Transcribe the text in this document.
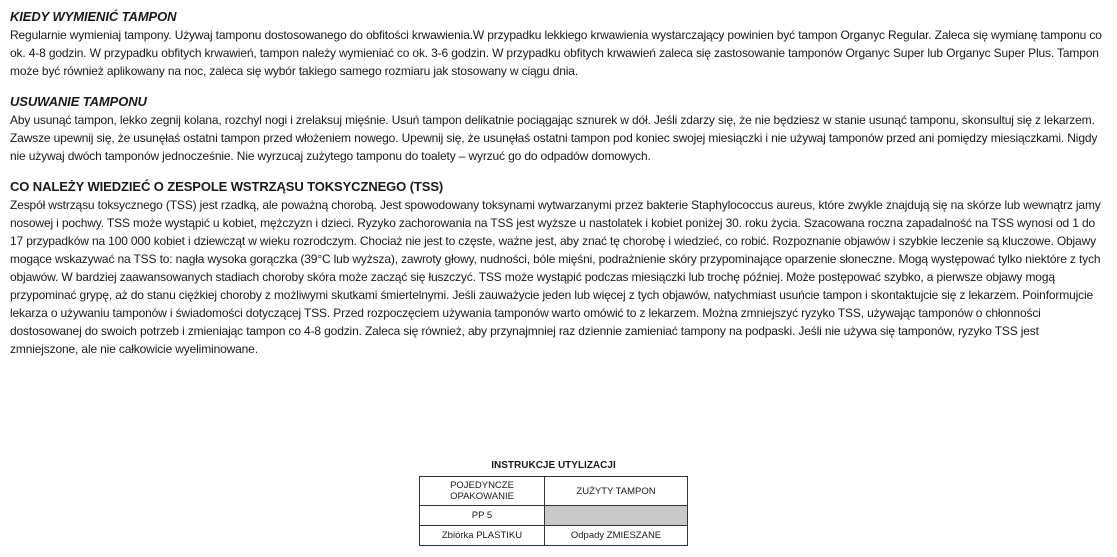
KIEDY WYMIENIĆ TAMPON

Regularnie wymieniaj tampony. Używaj tamponu dostosowanego do obfitości krwawienia.W przypadku lekkiego krwawienia wystarczający powinien być tampon Organyc Regular. Zaleca się wymianę tamponu co ok. 4-8 godzin. W przypadku obfitych krwawień, tampon należy wymieniać co ok. 3-6 godzin. W przypadku obfitych krwawień zaleca się zastosowanie tamponów Organyc Super lub Organyc Super Plus. Tampon może być również aplikowany na noc, zaleca się wybór takiego samego rozmiaru jak stosowany w ciągu dnia.

USUWANIE TAMPONU

Aby usunąć tampon, lekko zegnij kolana, rozchyl nogi i zrelaksuj mięśnie. Usuń tampon delikatnie pociągając sznurek w dół. Jeśli zdarzy się, że nie będziesz w stanie usunąć tamponu, skonsultuj się z lekarzem.

Zawsze upewnij się, że usunęłaś ostatni tampon przed włożeniem nowego. Upewnij się, że usunęłaś ostatni tampon pod koniec swojej miesiączki i nie używaj tamponów przed ani pomiędzy miesiączkami. Nigdy nie używaj dwóch tamponów jednocześnie. Nie wyrzucaj zużytego tamponu do toalety – wyrzuć go do odpadów domowych.

CO NALEŻY WIEDZIEĆ O ZESPOLE WSTRZĄSU TOKSYCZNEGO (TSS)

Zespół wstrząsu toksycznego (TSS) jest rzadką, ale poważną chorobą. Jest spowodowany toksynami wytwarzanymi przez bakterie Staphylococcus aureus, które zwykle znajdują się na skórze lub wewnątrz jamy nosowej i pochwy. TSS może wystąpić u kobiet, mężczyzn i dzieci. Ryzyko zachorowania na TSS jest wyższe u nastolatek i kobiet poniżej 30. roku życia. Szacowana roczna zapadalność na TSS wynosi od 1 do 17 przypadków na 100 000 kobiet i dziewcząt w wieku rozrodczym. Chociaż nie jest to częste, ważne jest, aby znać tę chorobę i wiedzieć, co robić. Rozpoznanie objawów i szybkie leczenie są kluczowe. Objawy mogące wskazywać na TSS to: nagła wysoka gorączka (39°C lub wyższa), zawroty głowy, nudności, bóle mięśni, podrażnienie skóry przypominające oparzenie słoneczne. Mogą występować tylko niektóre z tych objawów. W bardziej zaawansowanych stadiach choroby skóra może zacząć się łuszczyć. TSS może wystąpić podczas miesiączki lub trochę później. Może postępować szybko, a pierwsze objawy mogą przypominać grypę, aż do stanu ciężkiej choroby z możliwymi skutkami śmiertelnymi. Jeśli zauważycie jeden lub więcej z tych objawów, natychmiast usuńcie tampon i skontaktujcie się z lekarzem. Poinformujcie lekarza o używaniu tamponów i świadomości dotyczącej TSS. Przed rozpoczęciem używania tamponów warto omówić to z lekarzem. Można zmniejszyć ryzyko TSS, używając tamponów o chłonności dostosowanej do swoich potrzeb i zmieniając tampon co 4-8 godzin. Zaleca się również, aby przynajmniej raz dziennie zamieniać tampony na podpaski. Jeśli nie używa się tamponów, ryzyko TSS jest zmniejszone, ale nie całkowicie wyeliminowane.

INSTRUKCJE UTYLIZACJI
POJEDYNCZE OPAKOWANIE	ZUŻYTY TAMPON
PP 5	
Zbiórka PLASTIKU	Odpady ZMIESZANE
